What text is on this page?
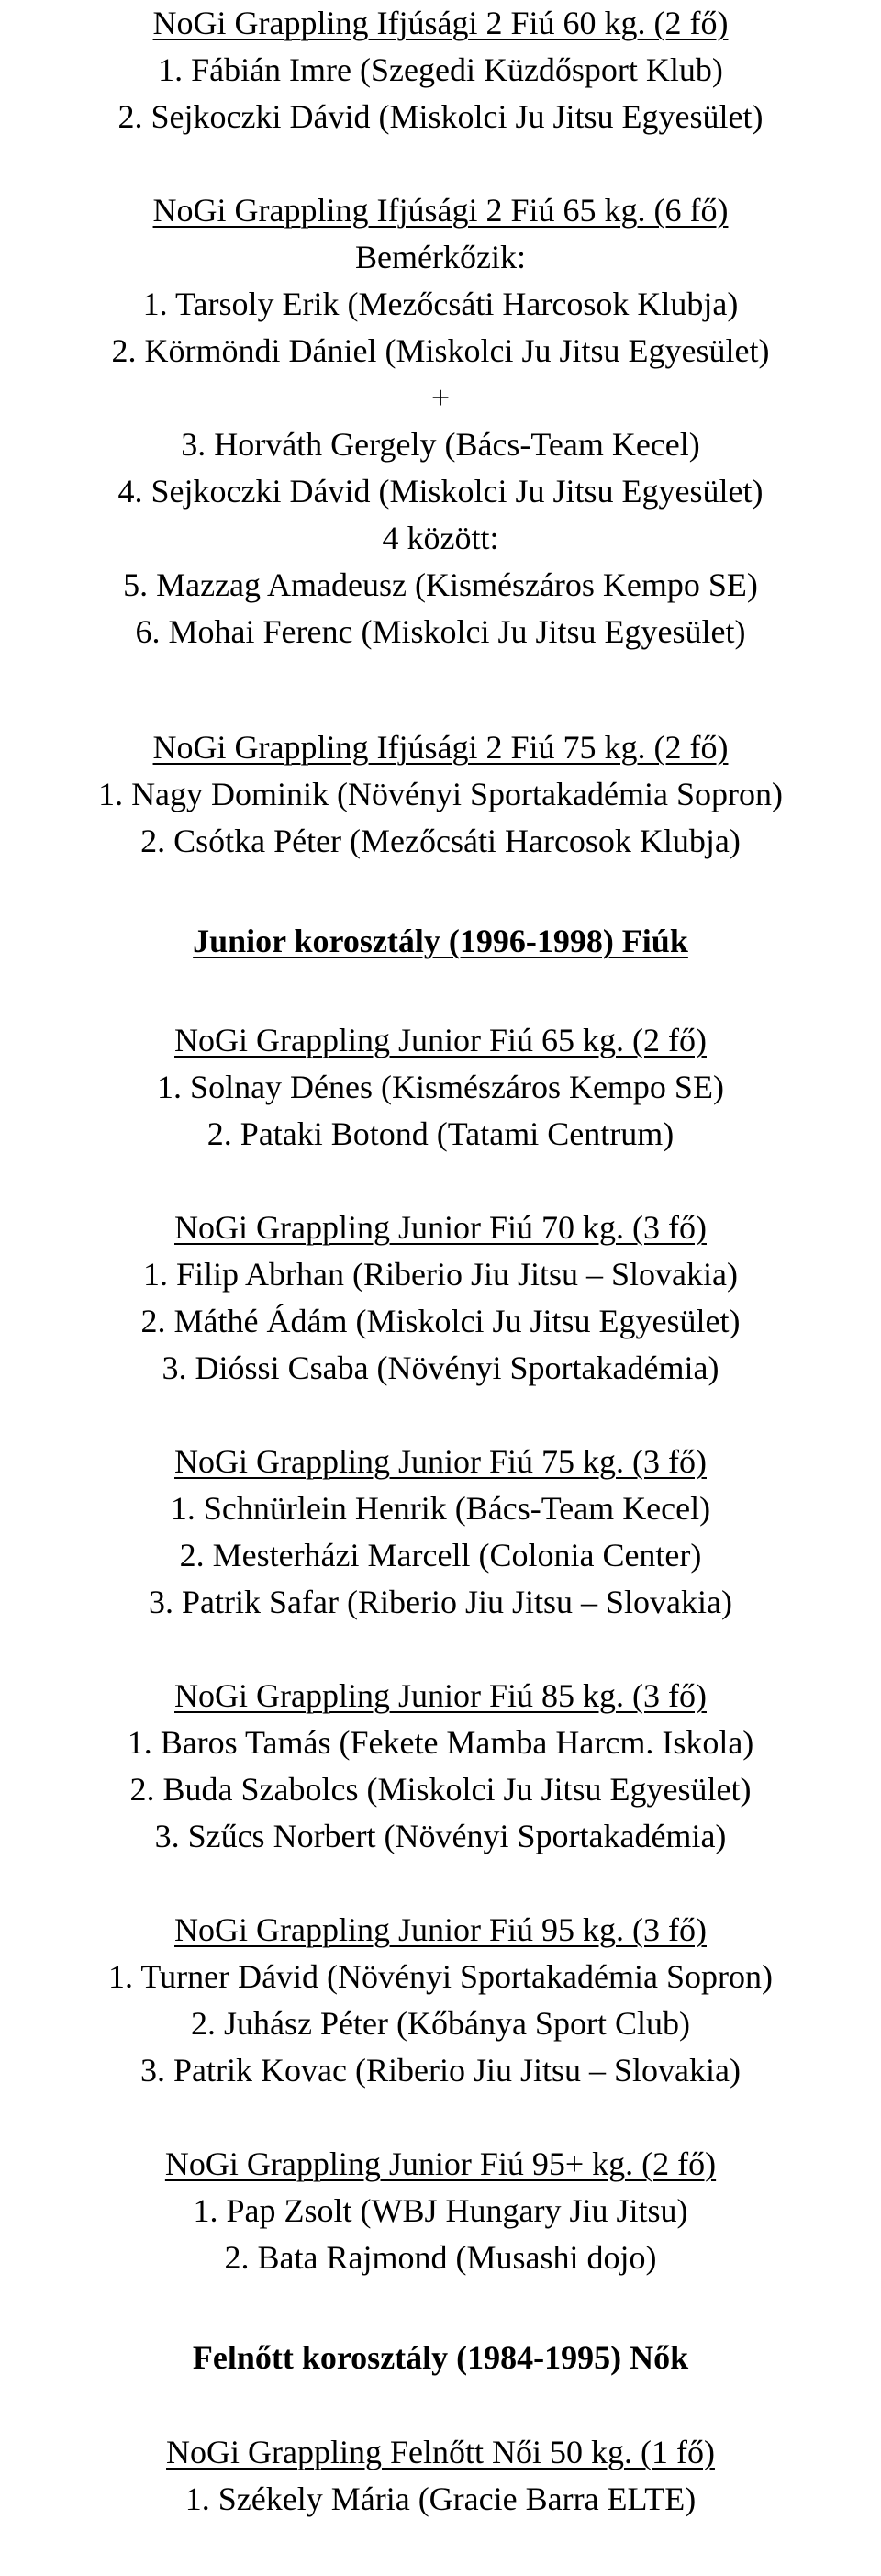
NoGi Grappling Ifjúsági 2 Fiú 60 kg. (2 fő)
1. Fábián Imre (Szegedi Küzdősport Klub)
2. Sejkoczki Dávid (Miskolci Ju Jitsu Egyesület)
NoGi Grappling Ifjúsági 2 Fiú 65 kg. (6 fő)
Bemérkőzik:
1. Tarsoly Erik (Mezőcsáti Harcosok Klubja)
2. Körmöndi Dániel (Miskolci Ju Jitsu Egyesület)
+
3. Horváth Gergely (Bács-Team Kecel)
4. Sejkoczki Dávid (Miskolci Ju Jitsu Egyesület)
4 között:
5. Mazzag Amadeusz (Kismészáros Kempo SE)
6. Mohai Ferenc (Miskolci Ju Jitsu Egyesület)
NoGi Grappling Ifjúsági 2 Fiú 75 kg. (2 fő)
1. Nagy Dominik (Növényi Sportakadémia Sopron)
2. Csótka Péter (Mezőcsáti Harcosok Klubja)
Junior korosztály (1996-1998) Fiúk
NoGi Grappling Junior Fiú 65 kg. (2 fő)
1. Solnay Dénes (Kismészáros Kempo SE)
2. Pataki Botond (Tatami Centrum)
NoGi Grappling Junior Fiú 70 kg. (3 fő)
1. Filip Abrhan (Riberio Jiu Jitsu – Slovakia)
2. Máthé Ádám (Miskolci Ju Jitsu Egyesület)
3. Dióssi Csaba (Növényi Sportakadémia)
NoGi Grappling Junior Fiú 75 kg. (3 fő)
1. Schnürlein Henrik (Bács-Team Kecel)
2. Mesterházi Marcell (Colonia Center)
3. Patrik Safar (Riberio Jiu Jitsu – Slovakia)
NoGi Grappling Junior Fiú 85 kg. (3 fő)
1. Baros Tamás (Fekete Mamba Harcm. Iskola)
2. Buda Szabolcs (Miskolci Ju Jitsu Egyesület)
3. Szűcs Norbert (Növényi Sportakadémia)
NoGi Grappling Junior Fiú 95 kg. (3 fő)
1. Turner Dávid (Növényi Sportakadémia Sopron)
2. Juhász Péter (Kőbánya Sport Club)
3. Patrik Kovac (Riberio Jiu Jitsu – Slovakia)
NoGi Grappling Junior Fiú 95+ kg. (2 fő)
1. Pap Zsolt (WBJ Hungary Jiu Jitsu)
2. Bata Rajmond (Musashi dojo)
Felnőtt korosztály (1984-1995) Nők
NoGi Grappling Felnőtt Női 50 kg. (1 fő)
1. Székely Mária (Gracie Barra ELTE)
